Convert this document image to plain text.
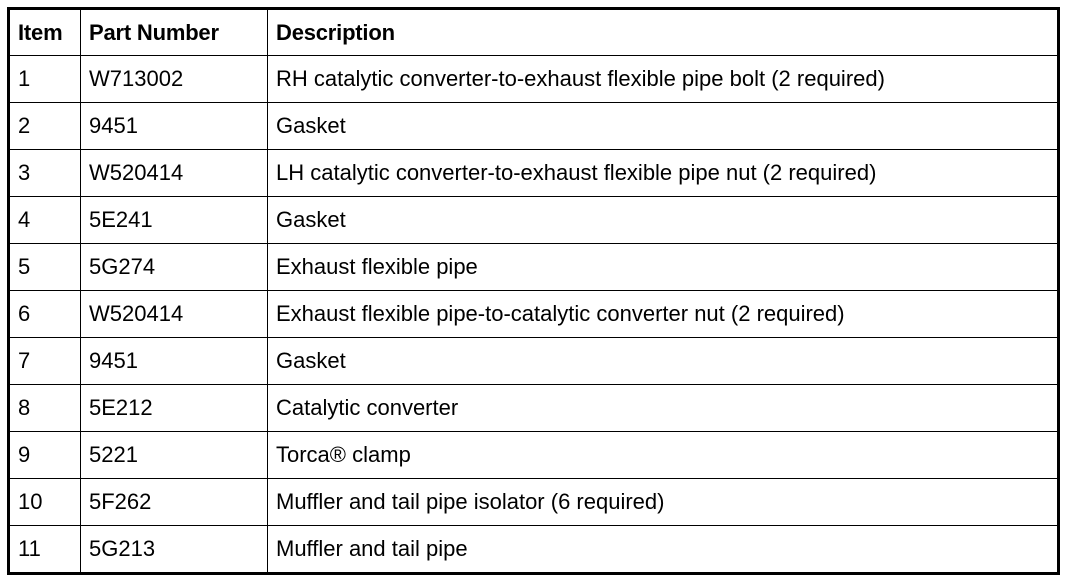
Item	Part Number	Description
1	W713002	RH catalytic converter-to-exhaust flexible pipe bolt (2 required)
2	9451	Gasket
3	W520414	LH catalytic converter-to-exhaust flexible pipe nut (2 required)
4	5E241	Gasket
5	5G274	Exhaust flexible pipe
6	W520414	Exhaust flexible pipe-to-catalytic converter nut (2 required)
7	9451	Gasket
8	5E212	Catalytic converter
9	5221	Torca® clamp
10	5F262	Muffler and tail pipe isolator (6 required)
11	5G213	Muffler and tail pipe
